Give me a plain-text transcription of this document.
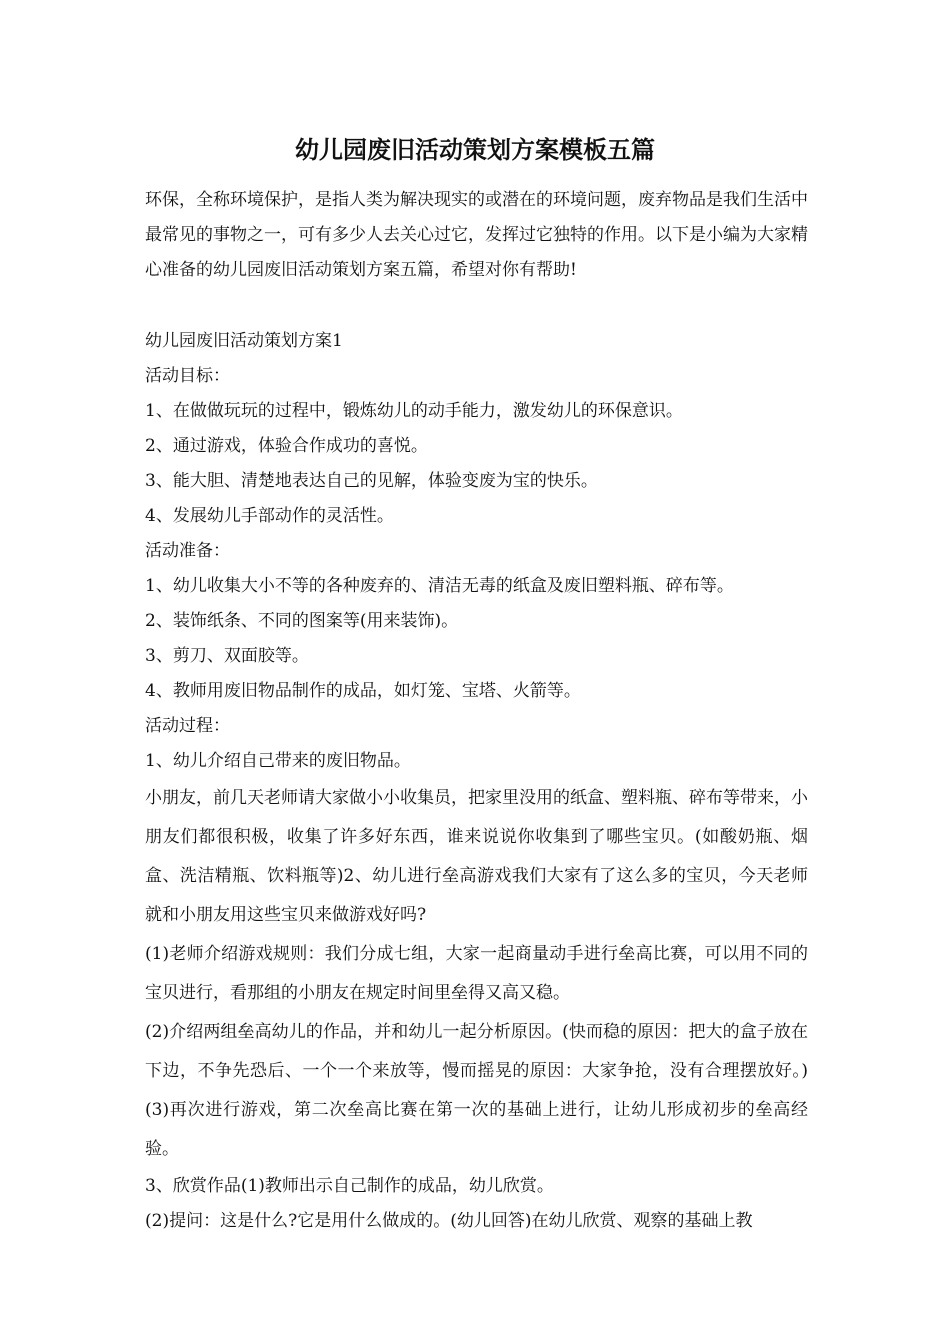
幼儿园废旧活动策划方案模板五篇

环保，全称环境保护，是指人类为解决现实的或潜在的环境问题，废弃物品是我们生活中最常见的事物之一，可有多少人去关心过它，发挥过它独特的作用。以下是小编为大家精心准备的幼儿园废旧活动策划方案五篇，希望对你有帮助!

幼儿园废旧活动策划方案1

活动目标：

1、在做做玩玩的过程中，锻炼幼儿的动手能力，激发幼儿的环保意识。

2、通过游戏，体验合作成功的喜悦。

3、能大胆、清楚地表达自己的见解，体验变废为宝的快乐。

4、发展幼儿手部动作的灵活性。

活动准备：

1、幼儿收集大小不等的各种废弃的、清洁无毒的纸盒及废旧塑料瓶、碎布等。

2、装饰纸条、不同的图案等(用来装饰)。

3、剪刀、双面胶等。

4、教师用废旧物品制作的成品，如灯笼、宝塔、火箭等。

活动过程：

1、幼儿介绍自己带来的废旧物品。

小朋友，前几天老师请大家做小小收集员，把家里没用的纸盒、塑料瓶、碎布等带来，小朋友们都很积极，收集了许多好东西，谁来说说你收集到了哪些宝贝。(如酸奶瓶、烟盒、洗洁精瓶、饮料瓶等)2、幼儿进行垒高游戏我们大家有了这么多的宝贝，今天老师就和小朋友用这些宝贝来做游戏好吗?

(1)老师介绍游戏规则：我们分成七组，大家一起商量动手进行垒高比赛，可以用不同的宝贝进行，看那组的小朋友在规定时间里垒得又高又稳。

(2)介绍两组垒高幼儿的作品，并和幼儿一起分析原因。(快而稳的原因：把大的盒子放在下边，不争先恐后、一个一个来放等，慢而摇晃的原因：大家争抢，没有合理摆放好。)(3)再次进行游戏，第二次垒高比赛在第一次的基础上进行，让幼儿形成初步的垒高经验。

3、欣赏作品(1)教师出示自己制作的成品，幼儿欣赏。

(2)提问：这是什么?它是用什么做成的。(幼儿回答)在幼儿欣赏、观察的基础上教
